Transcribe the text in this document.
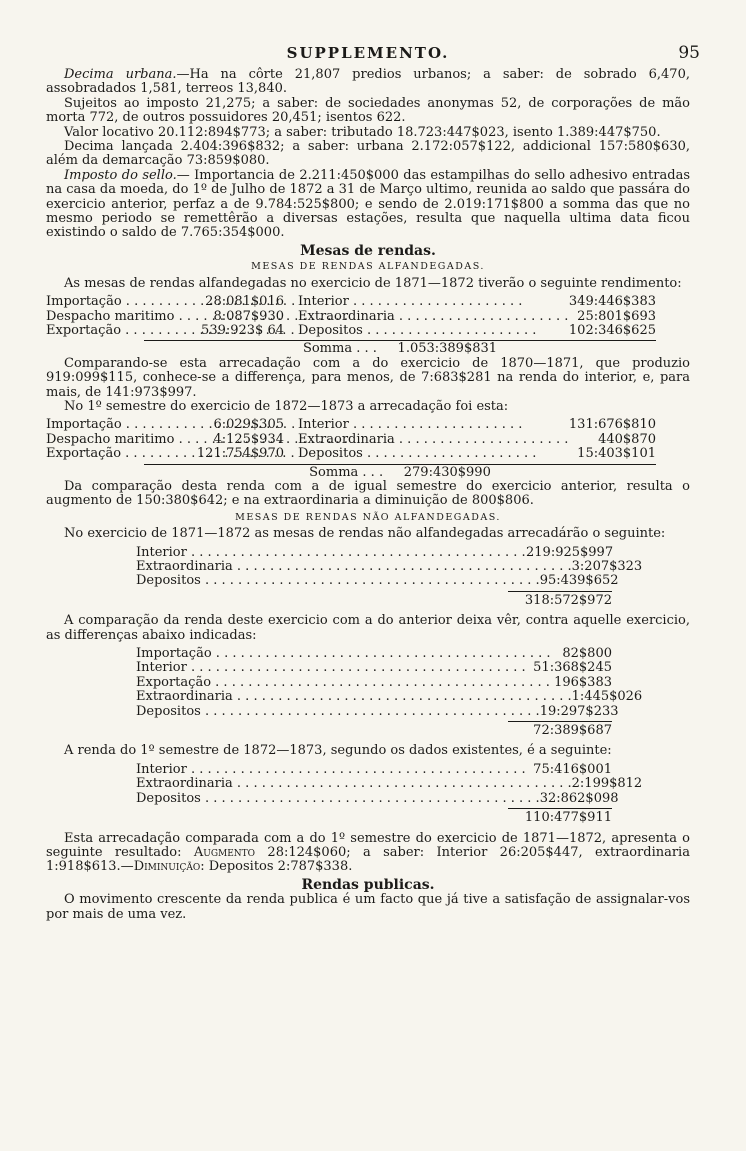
SUPPLEMENTO.	95

Decima urbana.—Ha na côrte 21,807 predios urbanos; a saber: de sobrado 6,470, assobradados 1,581, terreos 13,840.

Sujeitos ao imposto 21,275; a saber: de sociedades anonymas 52, de corporações de mão morta 772, de outros possuidores 20,451; isentos 622.

Valor locativo 20.112:894$773; a saber: tributado 18.723:447$023, isento 1.389:447$750.

Decima lançada 2.404:396$832; a saber: urbana 2.172:057$122, addicional 157:580$630, além da demarcação 73:859$080.

Imposto do sello.— Importancia de 2.211:450$000 das estampilhas do sello adhesivo entradas na casa da moeda, do 1º de Julho de 1872 a 31 de Março ultimo, reunida ao saldo que passára do exercicio anterior, perfaz a de 9.784:525$800; e sendo de 2.019:171$800 a somma das que no mesmo periodo se remettêrão a diversas estações, resulta que naquella ultima data ficou existindo o saldo de 7.765:354$000.

Mesas de rendas.

MESAS DE RENDAS ALFANDEGADAS.

As mesas de rendas alfandegadas no exercicio de 1871—1872 tiverão o seguinte rendimento:

Importação . . .	28:081$016	Interior . . .	349:446$383
Despacho maritimo . . .	8:087$930	Extraordinaria . . .	25:801$693
Exportação . . .	539:923$ 64	Depositos . . .	102:346$625
Somma . . .     1.053:389$831

Comparando-se esta arrecadação com a do exercicio de 1870—1871, que produzio 919:099$115, conhece-se a differença, para menos, de 7:683$281 na renda do interior, e, para mais, de 141:973$997.

No 1º semestre do exercicio de 1872—1873 a arrecadação foi esta:

Importação . . .	6:029$305	Interior . . .	131:676$810
Despacho maritimo . . .	4:125$934	Extraordinaria . . .	440$870
Exportação . . .	121:754$970	Depositos . . .	15:403$101
Somma . . .     279:430$990

Da comparação desta renda com a de igual semestre do exercicio anterior, resulta o augmento de 150:380$642; e na extraordinaria a diminuição de 800$806.

MESAS DE RENDAS NÃO ALFANDEGADAS.

No exercicio de 1871—1872 as mesas de rendas não alfandegadas arrecadárão o seguinte:

Interior . . .	219:925$997
Extraordinaria . . .	3:207$323
Depositos . . .	95:439$652
318:572$972

A comparação da renda deste exercicio com a do anterior deixa vêr, contra aquelle exercicio, as differenças abaixo indicadas:

Importação . . .	82$800
Interior . . .	51:368$245
Exportação . . .	196$383
Extraordinaria . . .	1:445$026
Depositos . . .	19:297$233
72:389$687

A renda do 1º semestre de 1872—1873, segundo os dados existentes, é a seguinte:

Interior . . .	75:416$001
Extraordinaria . . .	2:199$812
Depositos . . .	32:862$098
110:477$911

Esta arrecadação comparada com a do 1º semestre do exercicio de 1871—1872, apresenta o seguinte resultado: Augmento 28:124$060; a saber: Interior 26:205$447, extraordinaria 1:918$613.—Diminuição: Depositos 2:787$338.

Rendas publicas.

O movimento crescente da renda publica é um facto que já tive a satisfação de assignalar-vos por mais de uma vez.
